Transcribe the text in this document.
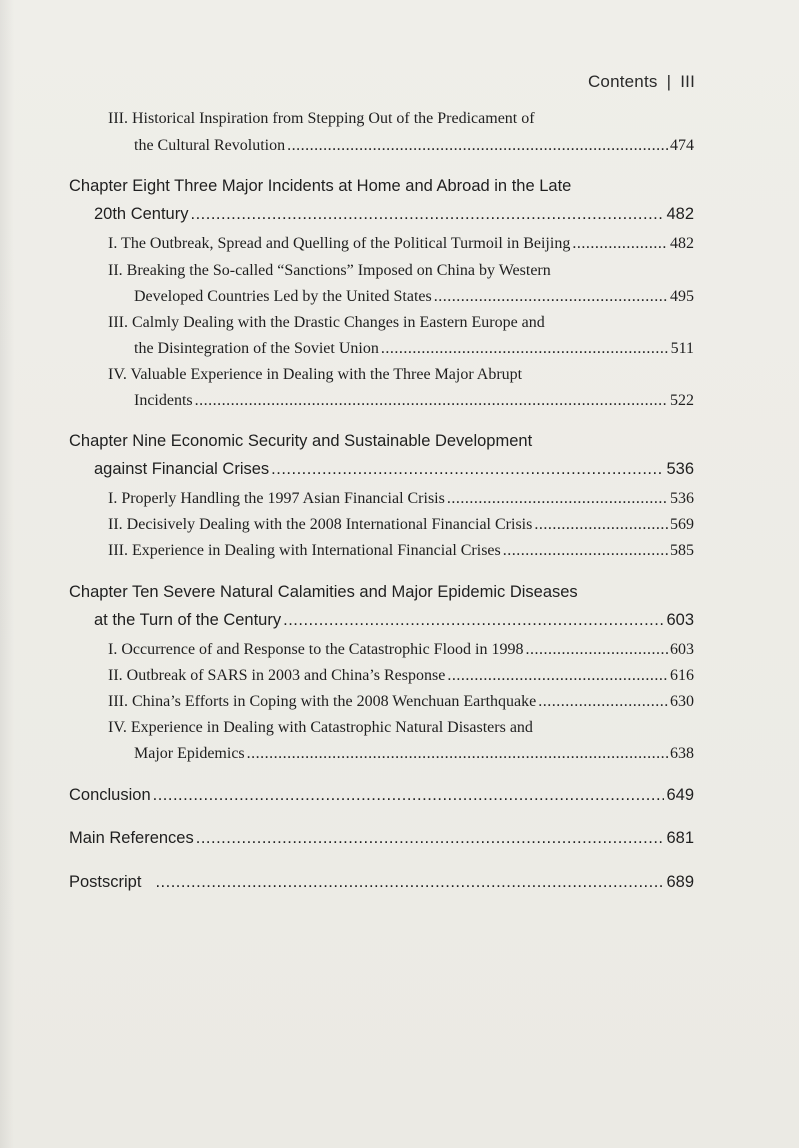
Contents | III
III. Historical Inspiration from Stepping Out of the Predicament of
the Cultural Revolution .....	474
Chapter Eight Three Major Incidents at Home and Abroad in the Late
20th Century .....	482
I. The Outbreak, Spread and Quelling of the Political Turmoil in Beijing .....	482
II. Breaking the So-called “Sanctions” Imposed on China by Western
Developed Countries Led by the United States .....	495
III. Calmly Dealing with the Drastic Changes in Eastern Europe and
the Disintegration of the Soviet Union .....	511
IV. Valuable Experience in Dealing with the Three Major Abrupt
Incidents .....	522
Chapter Nine Economic Security and Sustainable Development
against Financial Crises .....	536
I. Properly Handling the 1997 Asian Financial Crisis .....	536
II. Decisively Dealing with the 2008 International Financial Crisis .....	569
III. Experience in Dealing with International Financial Crises .....	585
Chapter Ten Severe Natural Calamities and Major Epidemic Diseases
at the Turn of the Century .....	603
I. Occurrence of and Response to the Catastrophic Flood in 1998 .....	603
II. Outbreak of SARS in 2003 and China’s Response .....	616
III. China’s Efforts in Coping with the 2008 Wenchuan Earthquake .....	630
IV. Experience in Dealing with Catastrophic Natural Disasters and
Major Epidemics .....	638
Conclusion .....	649
Main References .....	681
Postscript .....	689
